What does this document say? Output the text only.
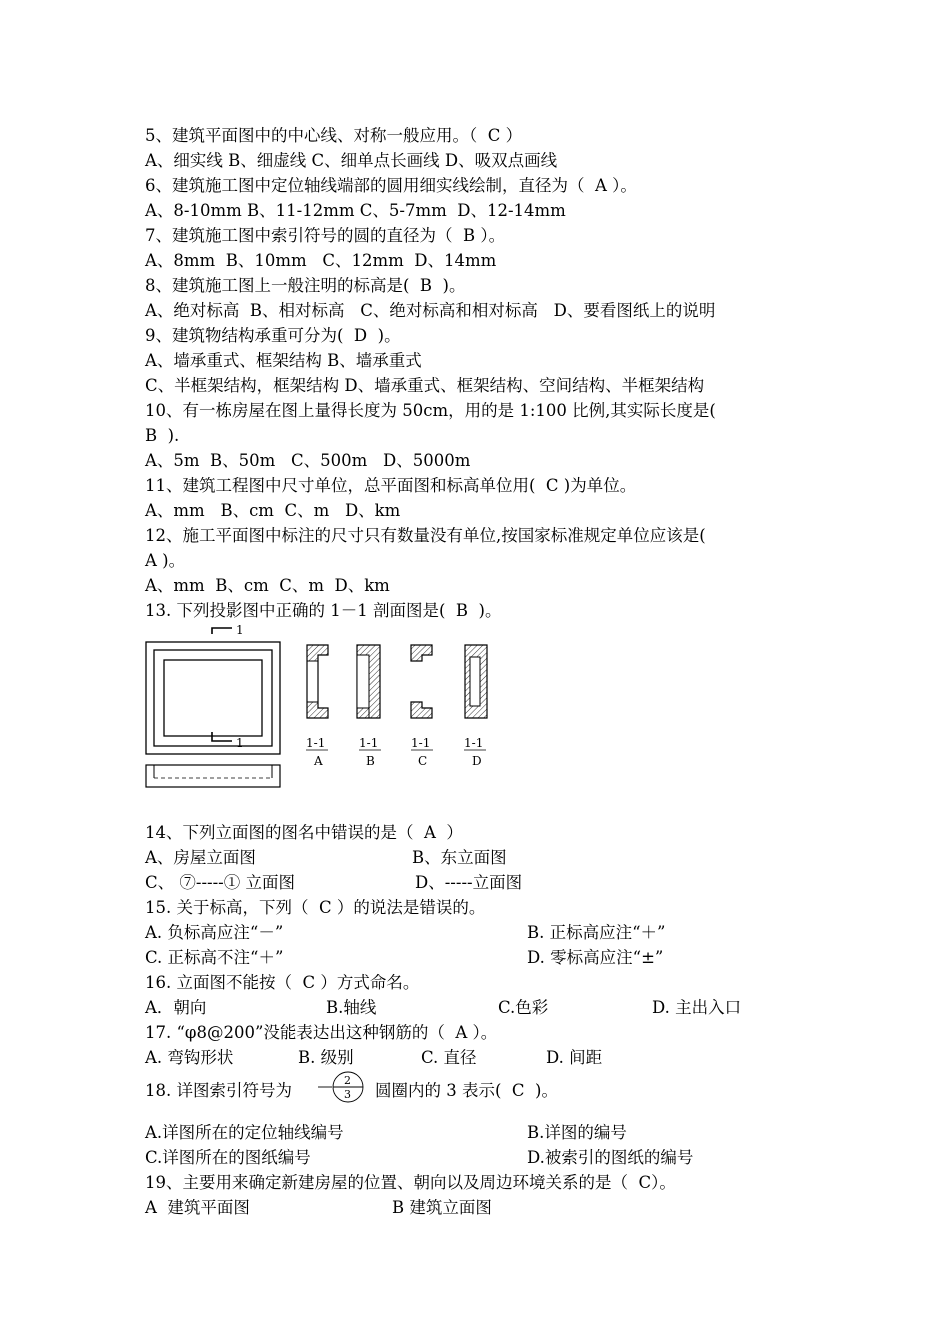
5、建筑平面图中的中心线、对称一般应用。（  C ）
A、细实线 B、细虚线 C、细单点长画线 D、吸双点画线
6、建筑施工图中定位轴线端部的圆用细实线绘制，直径为（  A ）。
A、8-10mm B、11-12mm C、5-7mm  D、12-14mm
7、建筑施工图中索引符号的圆的直径为（  B ）。
A、8mm  B、10mm   C、12mm  D、14mm
8、建筑施工图上一般注明的标高是(  B  )。
A、绝对标高  B、相对标高   C、绝对标高和相对标高   D、要看图纸上的说明
9、建筑物结构承重可分为(  D  )。
A、墙承重式、框架结构 B、墙承重式
C、半框架结构，框架结构 D、墙承重式、框架结构、空间结构、半框架结构
10、有一栋房屋在图上量得长度为 50cm，用的是 1:100 比例,其实际长度是(
B  ).
A、5m  B、50m   C、500m   D、5000m
11、建筑工程图中尺寸单位，总平面图和标高单位用(  C )为单位。
A、mm   B、cm  C、m   D、km
12、施工平面图中标注的尺寸只有数量没有单位,按国家标准规定单位应该是(
A )。
A、mm  B、cm  C、m  D、km
13. 下列投影图中正确的 1－1 剖面图是(  B  )。
1
1	1-1
A
1-1
B
1-1
C
1-1
D
14、下列立面图的图名中错误的是（  A  ）
A、房屋立面图	B、东立面图
C、 ⑦-----① 立面图	D、-----立面图
15. 关于标高，下列（  C ）的说法是错误的。
A. 负标高应注“－”	B. 正标高应注“＋”
C. 正标高不注“＋”	D. 零标高应注“±”
16. 立面图不能按（  C ）方式命名。
A．朝向	B.轴线	C.色彩	D. 主出入口
17. “φ8@200”没能表达出这种钢筋的（  A ）。
A. 弯钩形状	B. 级别	C. 直径	D. 间距
18. 详图索引符号为
2
3 圆圈内的 3 表示(  C  )。
A.详图所在的定位轴线编号	B.详图的编号
C.详图所在的图纸编号	D.被索引的图纸的编号
19、主要用来确定新建房屋的位置、朝向以及周边环境关系的是（  C）。
A  建筑平面图	B 建筑立面图
